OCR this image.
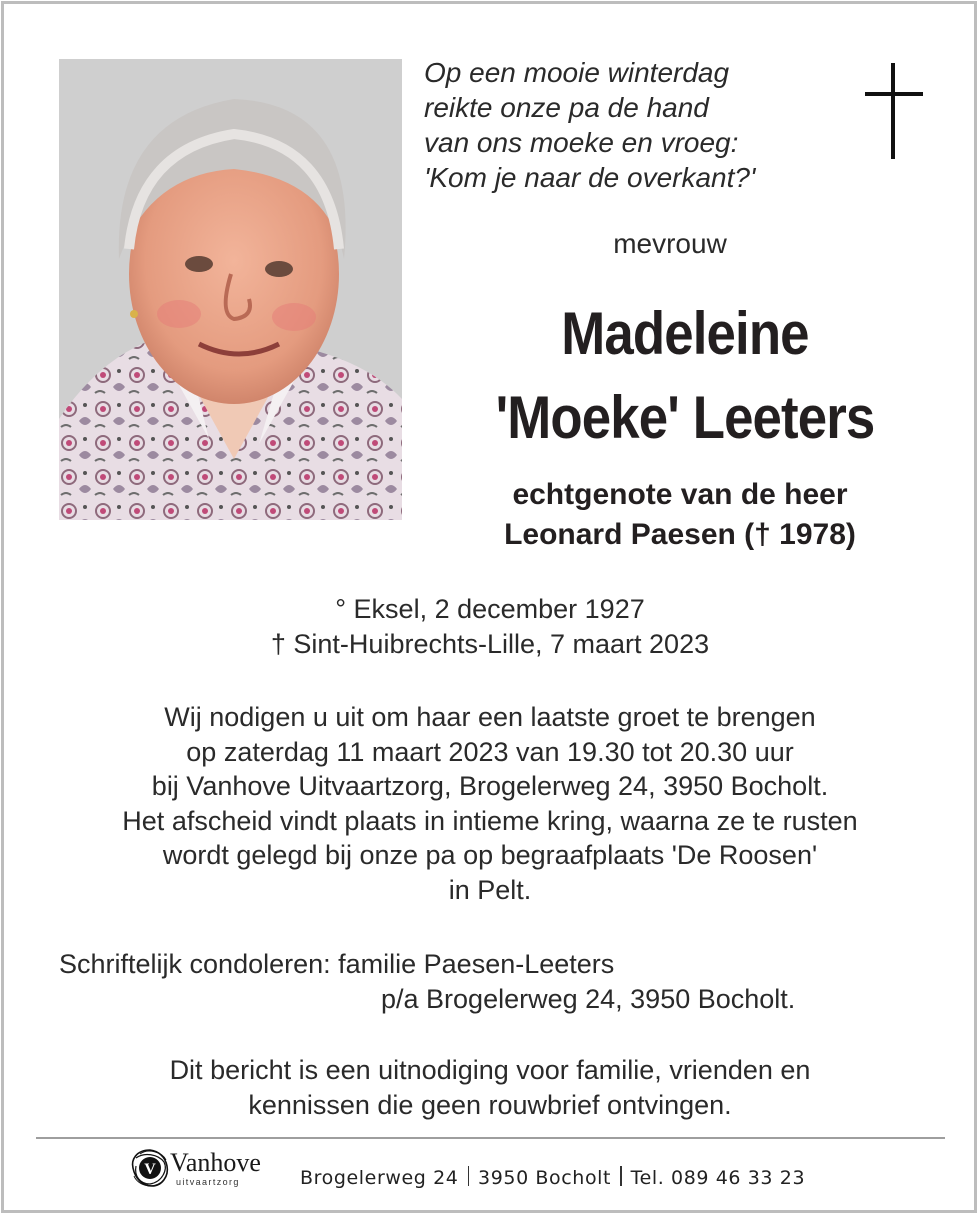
Op een mooie winterdag
reikte onze pa de hand
van ons moeke en vroeg:
'Kom je naar de overkant?'
mevrouw
Madeleine
'Moeke' Leeters
echtgenote van de heer
Leonard Paesen († 1978)
° Eksel, 2 december 1927
† Sint-Huibrechts-Lille, 7 maart 2023
Wij nodigen u uit om haar een laatste groet te brengen
op zaterdag 11 maart 2023 van 19.30 tot 20.30 uur
bij Vanhove Uitvaartzorg, Brogelerweg 24, 3950 Bocholt.
Het afscheid vindt plaats in intieme kring, waarna ze te rusten
wordt gelegd bij onze pa op begraafplaats 'De Roosen'
in Pelt.
Schriftelijk condoleren: familie Paesen-Leeters
p/a Brogelerweg 24, 3950 Bocholt.
Dit bericht is een uitnodiging voor familie, vrienden en
kennissen die geen rouwbrief ontvingen.
V Vanhove
uitvaartzorg	Brogelerweg 24 3950 Bocholt Tel. 089 46 33 23
